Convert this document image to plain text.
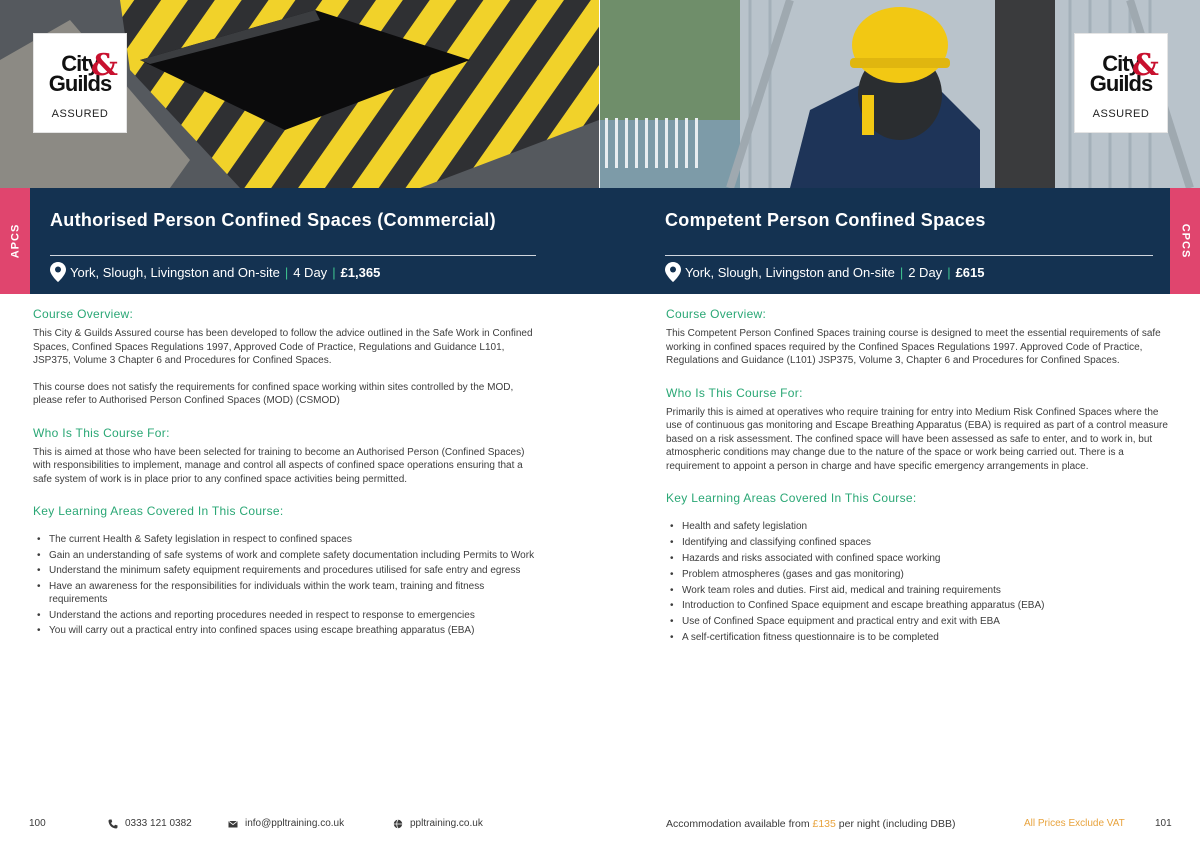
City
Guilds
&
ASSURED
City
Guilds
&
ASSURED
APCS	CPCS
Authorised Person Confined Spaces (Commercial)	Competent Person Confined Spaces
York, Slough, Livingston and On-site | 4 Day | £1,365	York, Slough, Livingston and On-site | 2 Day | £615
Course Overview:

This City & Guilds Assured course has been developed to follow the advice outlined in the Safe Work in Confined Spaces, Confined Spaces Regulations 1997, Approved Code of Practice, Regulations and Guidance L101, JSP375, Volume 3 Chapter 6 and Procedures for Confined Spaces.

This course does not satisfy the requirements for confined space working within sites controlled by the MOD, please refer to Authorised Person Confined Spaces (MOD) (CSMOD)

Who Is This Course For:

This is aimed at those who have been selected for training to become an Authorised Person (Confined Spaces) with responsibilities to implement, manage and control all aspects of confined space operations ensuring that a safe system of work is in place prior to any confined space activities being permitted.

Key Learning Areas Covered In This Course:
• The current Health & Safety legislation in respect to confined spaces
• Gain an understanding of safe systems of work and complete safety documentation including Permits to Work
• Understand the minimum safety equipment requirements and procedures utilised for safe entry and egress
• Have an awareness for the responsibilities for individuals within the work team, training and fitness requirements
• Understand the actions and reporting procedures needed in respect to response to emergencies
• You will carry out a practical entry into confined spaces using escape breathing apparatus (EBA)
Course Overview:

This Competent Person Confined Spaces training course is designed to meet the essential requirements of safe working in confined spaces required by the Confined Spaces Regulations 1997. Approved Code of Practice, Regulations and Guidance (L101) JSP375, Volume 3, Chapter 6 and Procedures for Confined Spaces.

Who Is This Course For:

Primarily this is aimed at operatives who require training for entry into Medium Risk Confined Spaces where the use of continuous gas monitoring and Escape Breathing Apparatus (EBA) is required as part of a control measure based on a risk assessment. The confined space will have been assessed as safe to enter, and to work in, but atmospheric conditions may change due to the nature of the space or work being carried out. There is a requirement to appoint a person in charge and have specific emergency arrangements in place.

Key Learning Areas Covered In This Course:
• Health and safety legislation
• Identifying and classifying confined spaces
• Hazards and risks associated with confined space working
• Problem atmospheres (gases and gas monitoring)
• Work team roles and duties. First aid, medical and training requirements
• Introduction to Confined Space equipment and escape breathing apparatus (EBA)
• Use of Confined Space equipment and practical entry and exit with EBA
• A self-certification fitness questionnaire is to be completed
100	0333 121 0382	info@ppltraining.co.uk	ppltraining.co.uk	Accommodation available from
£135
per night (including DBB)	All Prices Exclude VAT	101
